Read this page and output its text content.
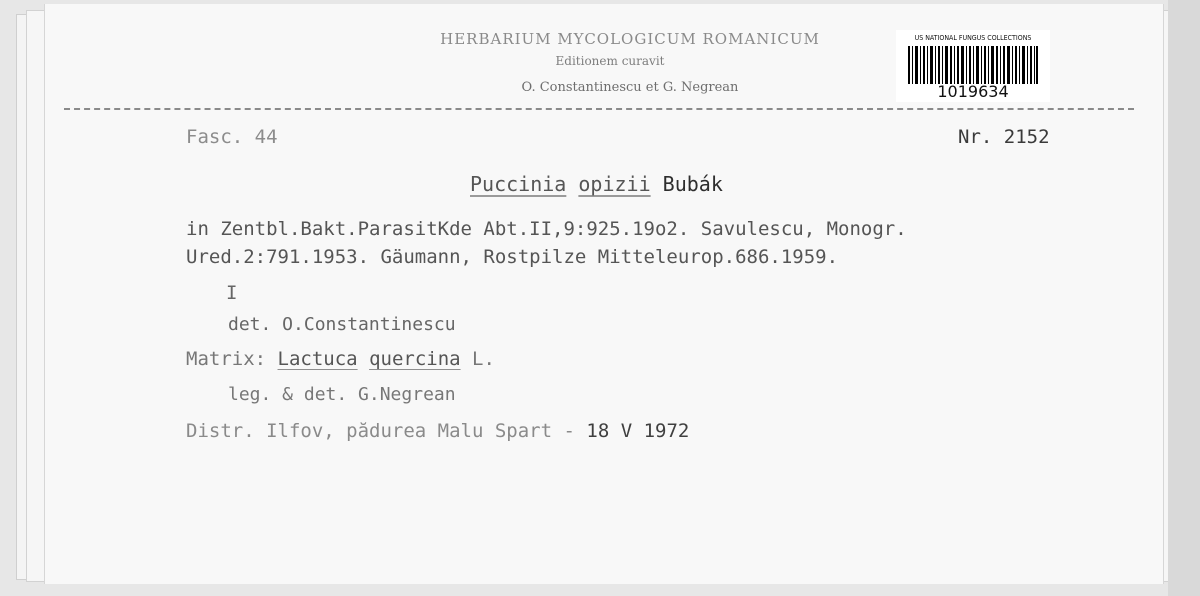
HERBARIUM MYCOLOGICUM ROMANICUM
Editionem curavit
O. Constantinescu et G. Negrean
US NATIONAL FUNGUS COLLECTIONS
1019634
Fasc. 44	Nr. 2152
Puccinia opizii Bubák
in Zentbl.Bakt.ParasitKde Abt.II,9:925.19o2. Savulescu, Monogr.
Ured.2:791.1953. Gäumann, Rostpilze Mitteleurop.686.1959.
I
det. O.Constantinescu
Matrix: Lactuca quercina L.
leg. & det. G.Negrean
Distr. Ilfov, pădurea Malu Spart - 18 V 1972
